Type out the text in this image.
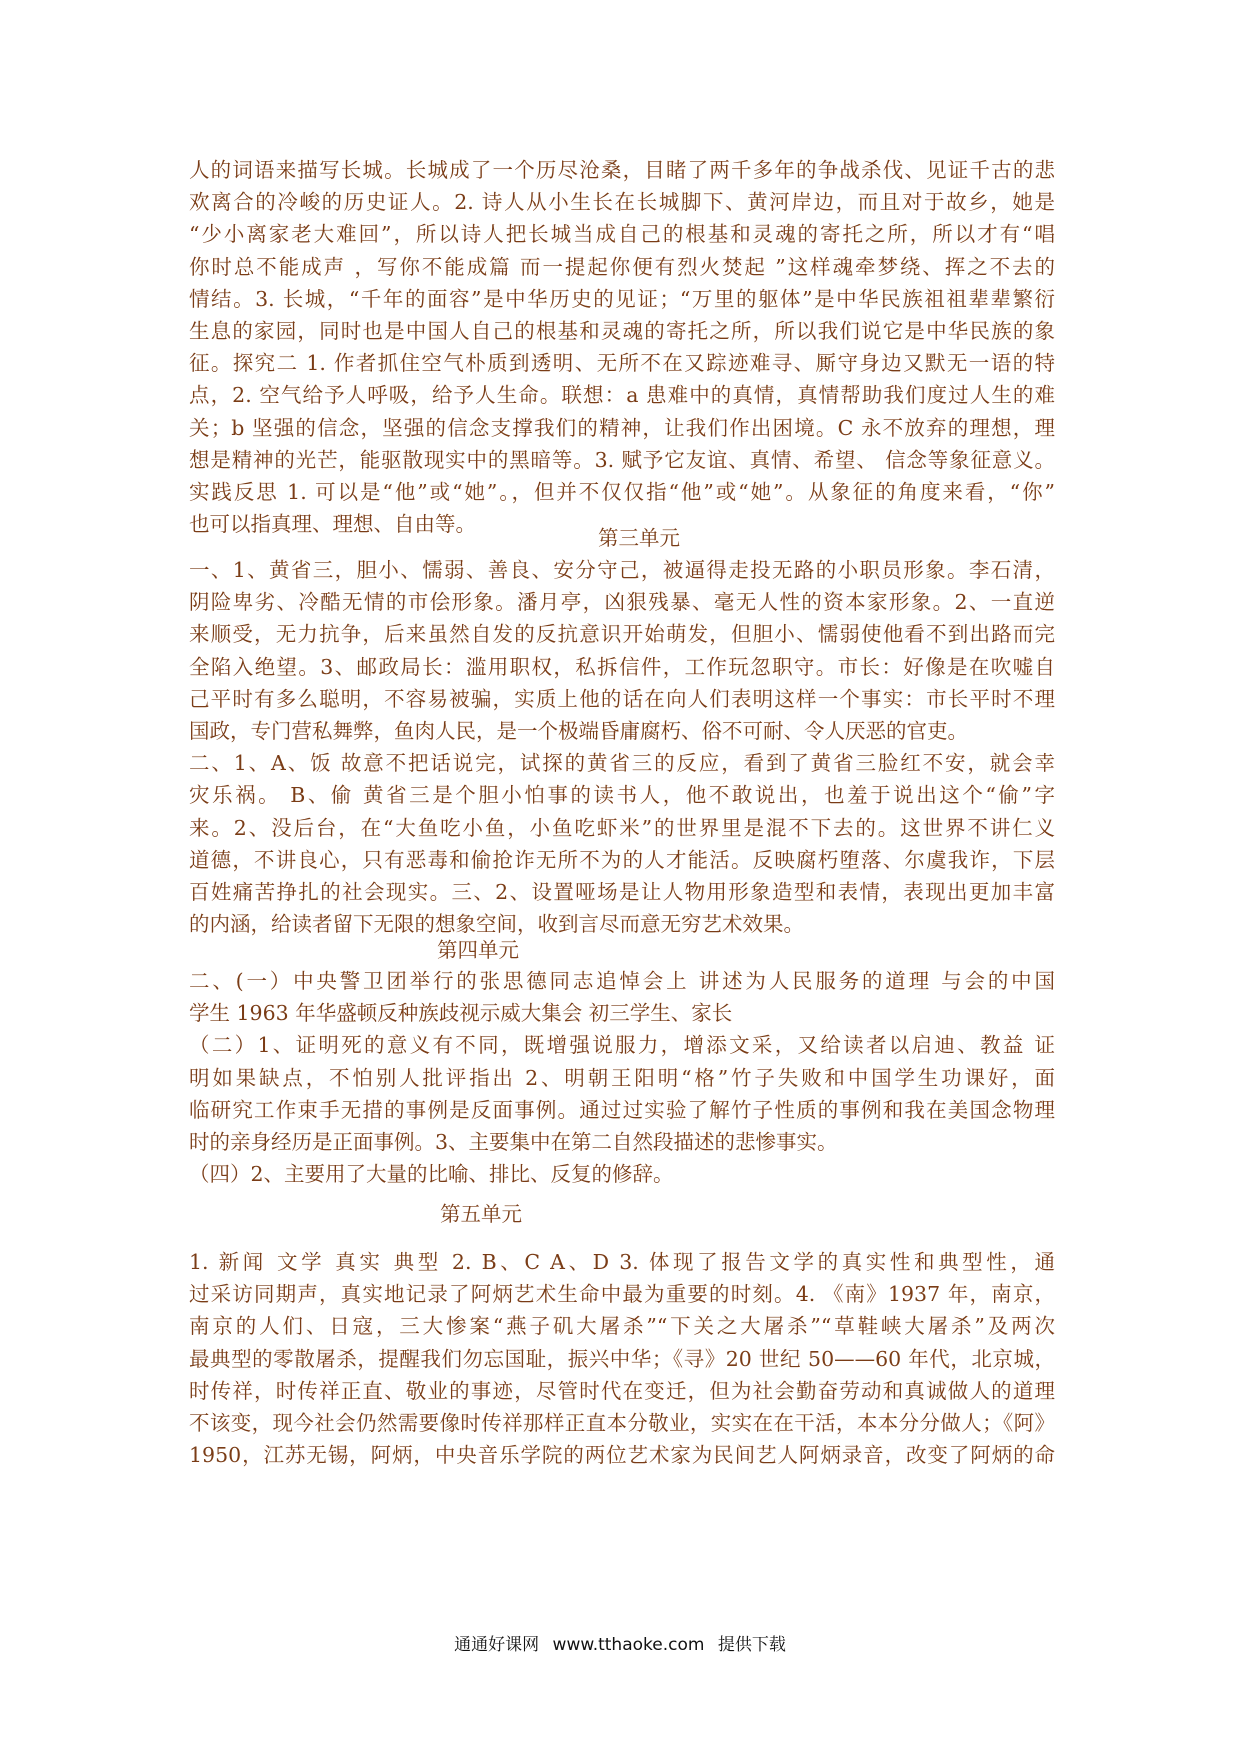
人的词语来描写长城。长城成了一个历尽沧桑，目睹了两千多年的争战杀伐、见证千古的悲
欢离合的冷峻的历史证人。2. 诗人从小生长在长城脚下、黄河岸边，而且对于故乡，她是
“少小离家老大难回”，所以诗人把长城当成自己的根基和灵魂的寄托之所，所以才有“唱
你时总不能成声 ，写你不能成篇 而一提起你便有烈火焚起 ”这样魂牵梦绕、挥之不去的
情结。3. 长城，“千年的面容”是中华历史的见证；“万里的躯体”是中华民族祖祖辈辈繁衍
生息的家园，同时也是中国人自己的根基和灵魂的寄托之所，所以我们说它是中华民族的象
征。探究二 1. 作者抓住空气朴质到透明、无所不在又踪迹难寻、厮守身边又默无一语的特
点，2. 空气给予人呼吸，给予人生命。联想：a 患难中的真情，真情帮助我们度过人生的难
关；b 坚强的信念，坚强的信念支撑我们的精神，让我们作出困境。C 永不放弃的理想，理
想是精神的光芒，能驱散现实中的黑暗等。3. 赋予它友谊、真情、希望、 信念等象征意义。
实践反思 1. 可以是“他”或“她”。，但并不仅仅指“他”或“她”。从象征的角度来看，“你”
也可以指真理、理想、自由等。
第三单元
一、1、黄省三，胆小、懦弱、善良、安分守己，被逼得走投无路的小职员形象。李石清，
阴险卑劣、冷酷无情的市侩形象。潘月亭，凶狠残暴、毫无人性的资本家形象。2、一直逆
来顺受，无力抗争，后来虽然自发的反抗意识开始萌发，但胆小、懦弱使他看不到出路而完
全陷入绝望。3、邮政局长：滥用职权，私拆信件，工作玩忽职守。市长：好像是在吹嘘自
己平时有多么聪明，不容易被骗，实质上他的话在向人们表明这样一个事实：市长平时不理
国政，专门营私舞弊，鱼肉人民，是一个极端昏庸腐朽、俗不可耐、令人厌恶的官吏。
二、1、A、饭 故意不把话说完，试探的黄省三的反应，看到了黄省三脸红不安，就会幸
灾乐祸。 B、偷 黄省三是个胆小怕事的读书人，他不敢说出，也羞于说出这个“偷”字
来。2、没后台，在“大鱼吃小鱼，小鱼吃虾米”的世界里是混不下去的。这世界不讲仁义
道德，不讲良心，只有恶毒和偷抢诈无所不为的人才能活。反映腐朽堕落、尔虞我诈，下层
百姓痛苦挣扎的社会现实。三、2、设置哑场是让人物用形象造型和表情，表现出更加丰富
的内涵，给读者留下无限的想象空间，收到言尽而意无穷艺术效果。
第四单元
二、(一）中央警卫团举行的张思德同志追悼会上 讲述为人民服务的道理 与会的中国
学生 1963 年华盛顿反种族歧视示威大集会 初三学生、家长
（二）1、证明死的意义有不同，既增强说服力，增添文采，又给读者以启迪、教益 证
明如果缺点，不怕别人批评指出 2、明朝王阳明“格”竹子失败和中国学生功课好，面
临研究工作束手无措的事例是反面事例。通过过实验了解竹子性质的事例和我在美国念物理
时的亲身经历是正面事例。3、主要集中在第二自然段描述的悲惨事实。
（四）2、主要用了大量的比喻、排比、反复的修辞。
第五单元
1. 新闻 文学 真实 典型 2. B、C A、D 3. 体现了报告文学的真实性和典型性，通
过采访同期声，真实地记录了阿炳艺术生命中最为重要的时刻。4. 《南》1937 年，南京，
南京的人们、日寇，三大惨案“燕子矶大屠杀”“下关之大屠杀”“草鞋峡大屠杀”及两次
最典型的零散屠杀，提醒我们勿忘国耻，振兴中华；《寻》20 世纪 50——60 年代，北京城，
时传祥，时传祥正直、敬业的事迹，尽管时代在变迁，但为社会勤奋劳动和真诚做人的道理
不该变，现今社会仍然需要像时传祥那样正直本分敬业，实实在在干活，本本分分做人；《阿》
1950，江苏无锡，阿炳，中央音乐学院的两位艺术家为民间艺人阿炳录音，改变了阿炳的命
通通好课网 www.tthaoke.com 提供下载
